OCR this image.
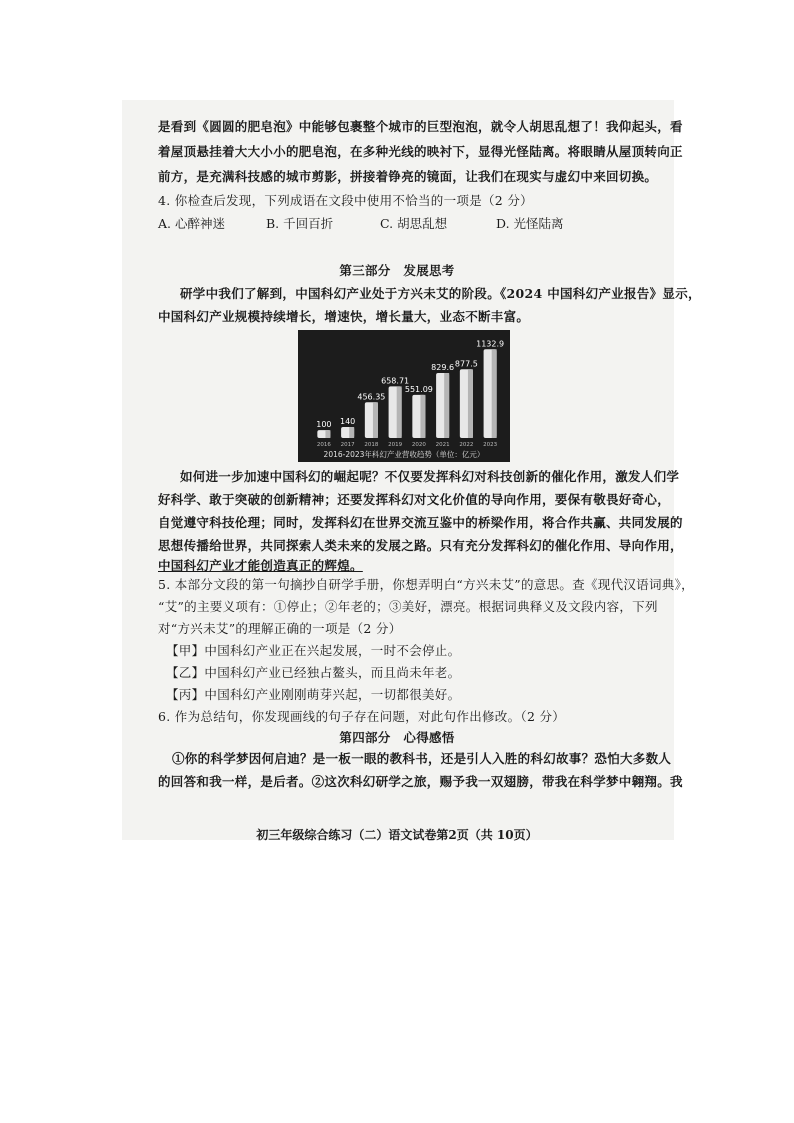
是看到《圆圆的肥皂泡》中能够包裹整个城市的巨型泡泡，就令人胡思乱想了！我仰起头，看
着屋顶悬挂着大大小小的肥皂泡，在多种光线的映衬下，显得光怪陆离。将眼睛从屋顶转向正
前方，是充满科技感的城市剪影，拼接着铮亮的镜面，让我们在现实与虚幻中来回切换。
4. 你检查后发现，下列成语在文段中使用不恰当的一项是（2 分）
A. 心醉神迷	B. 千回百折	C. 胡思乱想	D. 光怪陆离
第三部分　发展思考
研学中我们了解到，中国科幻产业处于方兴未艾的阶段。《2024 中国科幻产业报告》显示，
中国科幻产业规模持续增长，增速快，增长量大，业态不断丰富。
100
2016
140
2017
456.35
2018
658.71
2019
551.09
2020
829.6
2021
877.5
2022
1132.9
2023
2016-2023年科幻产业营收趋势（单位：亿元）
如何进一步加速中国科幻的崛起呢？不仅要发挥科幻对科技创新的催化作用，激发人们学
好科学、敢于突破的创新精神；还要发挥科幻对文化价值的导向作用，要保有敬畏好奇心，
自觉遵守科技伦理；同时，发挥科幻在世界交流互鉴中的桥梁作用，将合作共赢、共同发展的
思想传播给世界，共同探索人类未来的发展之路。只有充分发挥科幻的催化作用、导向作用，
中国科幻产业才能创造真正的辉煌。
5. 本部分文段的第一句摘抄自研学手册，你想弄明白“方兴未艾”的意思。查《现代汉语词典》，
“艾”的主要义项有：①停止；②年老的；③美好，漂亮。根据词典释义及文段内容，下列
对“方兴未艾”的理解正确的一项是（2 分）
【甲】中国科幻产业正在兴起发展，一时不会停止。
【乙】中国科幻产业已经独占鳌头，而且尚未年老。
【丙】中国科幻产业刚刚萌芽兴起，一切都很美好。
6. 作为总结句，你发现画线的句子存在问题，对此句作出修改。（2 分）
第四部分　心得感悟
①你的科学梦因何启迪？是一板一眼的教科书，还是引人入胜的科幻故事？恐怕大多数人
的回答和我一样，是后者。②这次科幻研学之旅，赐予我一双翅膀，带我在科学梦中翱翔。我
初三年级综合练习（二）语文试卷第2页（共 10页）
